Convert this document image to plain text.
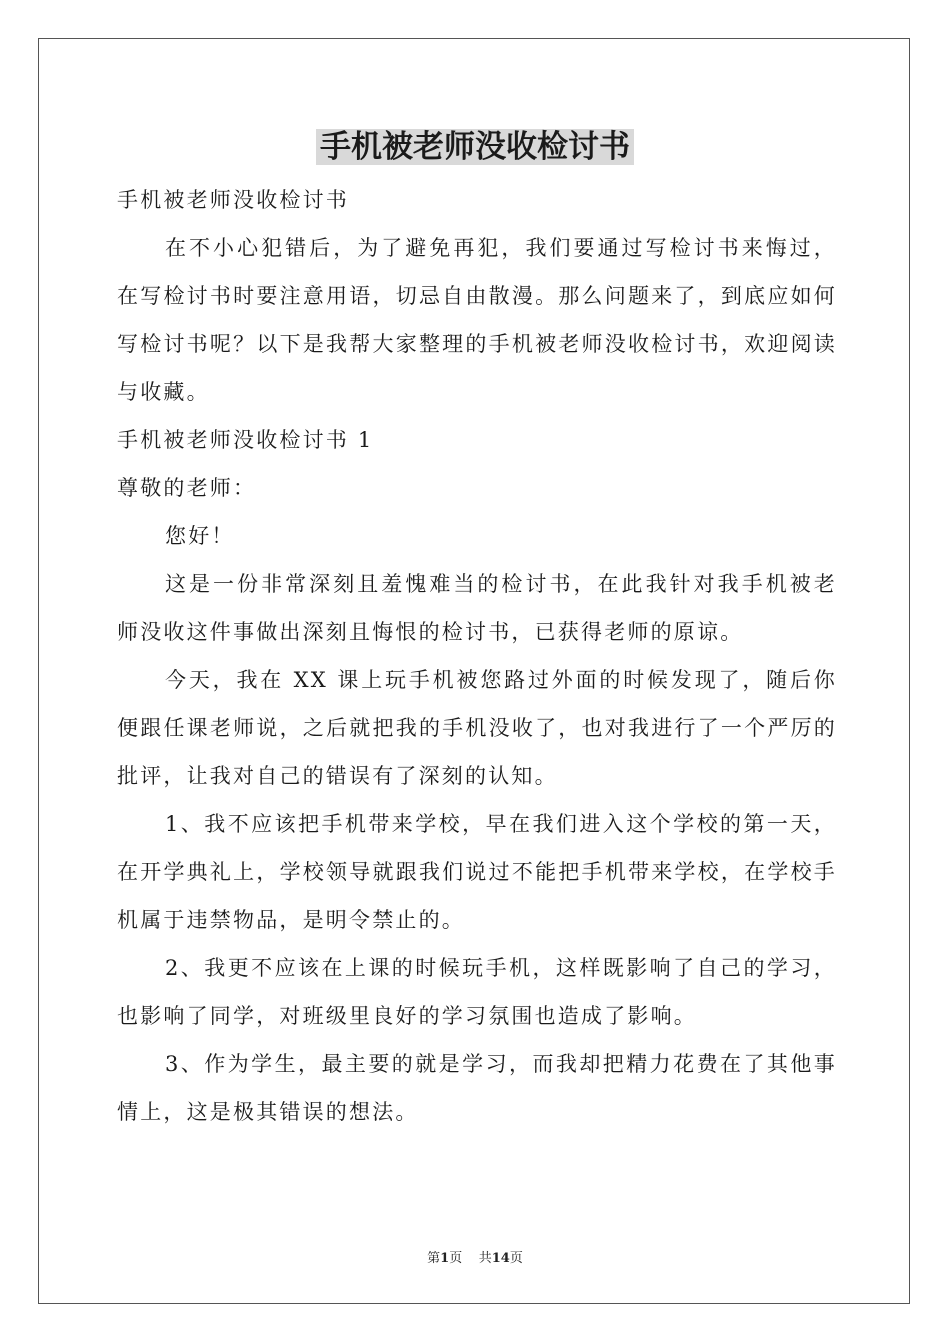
手机被老师没收检讨书

手机被老师没收检讨书

在不小心犯错后，为了避免再犯，我们要通过写检讨书来悔过，在写检讨书时要注意用语，切忌自由散漫。那么问题来了，到底应如何写检讨书呢？以下是我帮大家整理的手机被老师没收检讨书，欢迎阅读与收藏。

手机被老师没收检讨书 1

尊敬的老师：

您好！

这是一份非常深刻且羞愧难当的检讨书，在此我针对我手机被老师没收这件事做出深刻且悔恨的检讨书，已获得老师的原谅。

今天，我在 XX 课上玩手机被您路过外面的时候发现了，随后你便跟任课老师说，之后就把我的手机没收了，也对我进行了一个严厉的批评，让我对自己的错误有了深刻的认知。

1、我不应该把手机带来学校，早在我们进入这个学校的第一天，在开学典礼上，学校领导就跟我们说过不能把手机带来学校，在学校手机属于违禁物品，是明令禁止的。

2、我更不应该在上课的时候玩手机，这样既影响了自己的学习，也影响了同学，对班级里良好的学习氛围也造成了影响。

3、作为学生，最主要的就是学习，而我却把精力花费在了其他事情上，这是极其错误的想法。

第1页 共14页
